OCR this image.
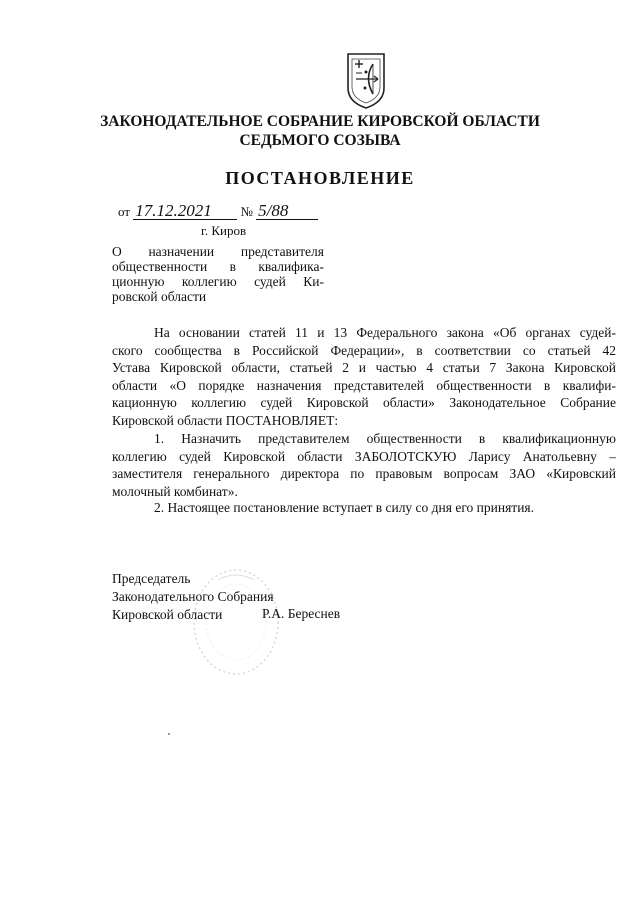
ЗАКОНОДАТЕЛЬНОЕ СОБРАНИЕ КИРОВСКОЙ ОБЛАСТИ
СЕДЬМОГО СОЗЫВА
ПОСТАНОВЛЕНИЕ
от 17.12.2021 № 5/88
г. Киров
О назначении представителя
общественности в квалифика-
ционную коллегию судей Ки-
ровской области
На основании статей 11 и 13 Федерального закона «Об органах судей-
ского сообщества в Российской Федерации», в соответствии со статьей 42
Устава Кировской области, статьей 2 и частью 4 статьи 7 Закона Кировской
области «О порядке назначения представителей общественности в квалифи-
кационную коллегию судей Кировской области» Законодательное Собрание
Кировской области ПОСТАНОВЛЯЕТ:
1. Назначить представителем общественности в квалификационную
коллегию судей Кировской области ЗАБОЛОТСКУЮ Ларису Анатольевну –
заместителя генерального директора по правовым вопросам ЗАО «Кировский
молочный комбинат».
2. Настоящее постановление вступает в силу со дня его принятия.
Председатель
Законодательного Собрания
Кировской области	Р.А. Береснев
